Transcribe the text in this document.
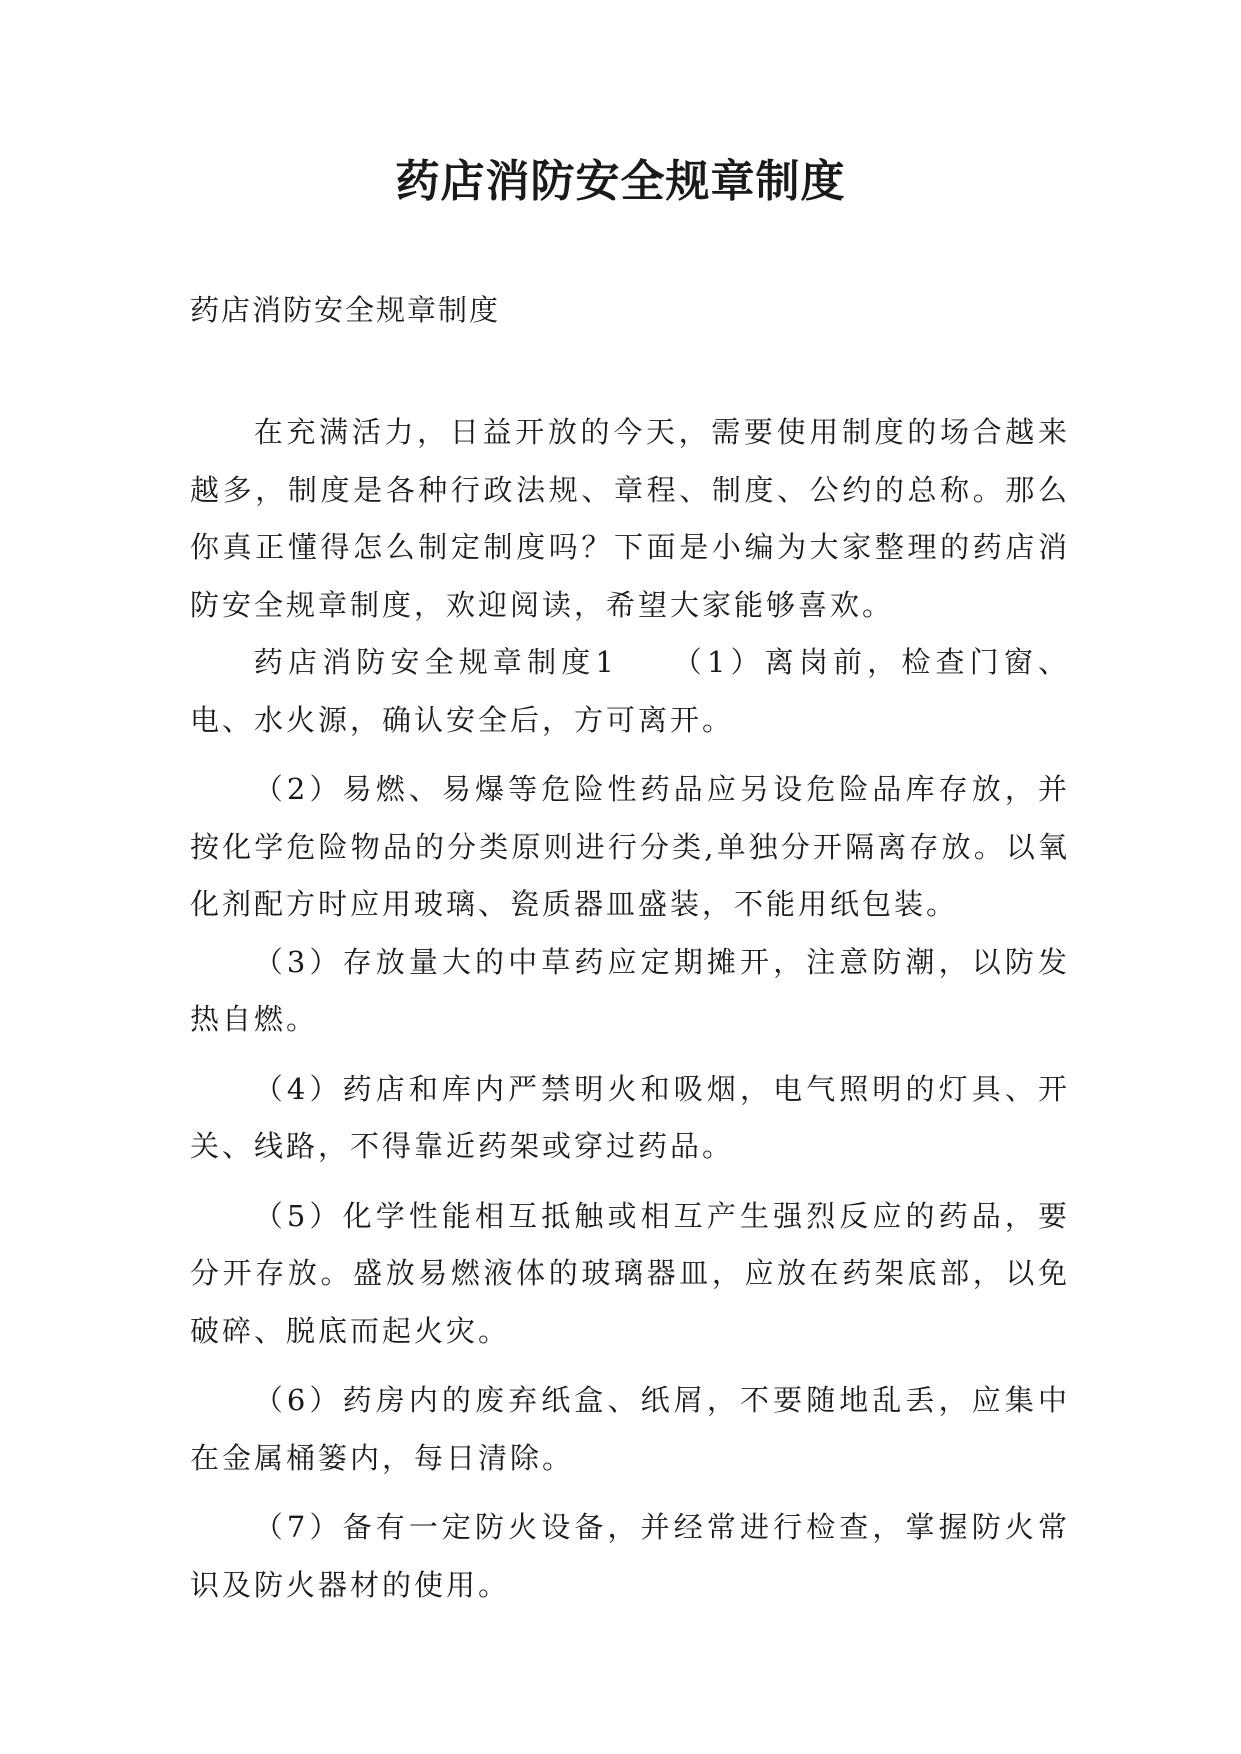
药店消防安全规章制度
药店消防安全规章制度

在充满活力，日益开放的今天，需要使用制度的场合越来越多，制度是各种行政法规、章程、制度、公约的总称。那么你真正懂得怎么制定制度吗？下面是小编为大家整理的药店消防安全规章制度，欢迎阅读，希望大家能够喜欢。

药店消防安全规章制度1　　（1）离岗前，检查门窗、电、水火源，确认安全后，方可离开。

（2）易燃、易爆等危险性药品应另设危险品库存放，并按化学危险物品的分类原则进行分类,单独分开隔离存放。以氧化剂配方时应用玻璃、瓷质器皿盛装，不能用纸包装。

（3）存放量大的中草药应定期摊开，注意防潮，以防发热自燃。

（4）药店和库内严禁明火和吸烟，电气照明的灯具、开关、线路，不得靠近药架或穿过药品。

（5）化学性能相互抵触或相互产生强烈反应的药品，要分开存放。盛放易燃液体的玻璃器皿，应放在药架底部，以免破碎、脱底而起火灾。

（6）药房内的废弃纸盒、纸屑，不要随地乱丢，应集中在金属桶篓内，每日清除。

（7）备有一定防火设备，并经常进行检查，掌握防火常识及防火器材的使用。
